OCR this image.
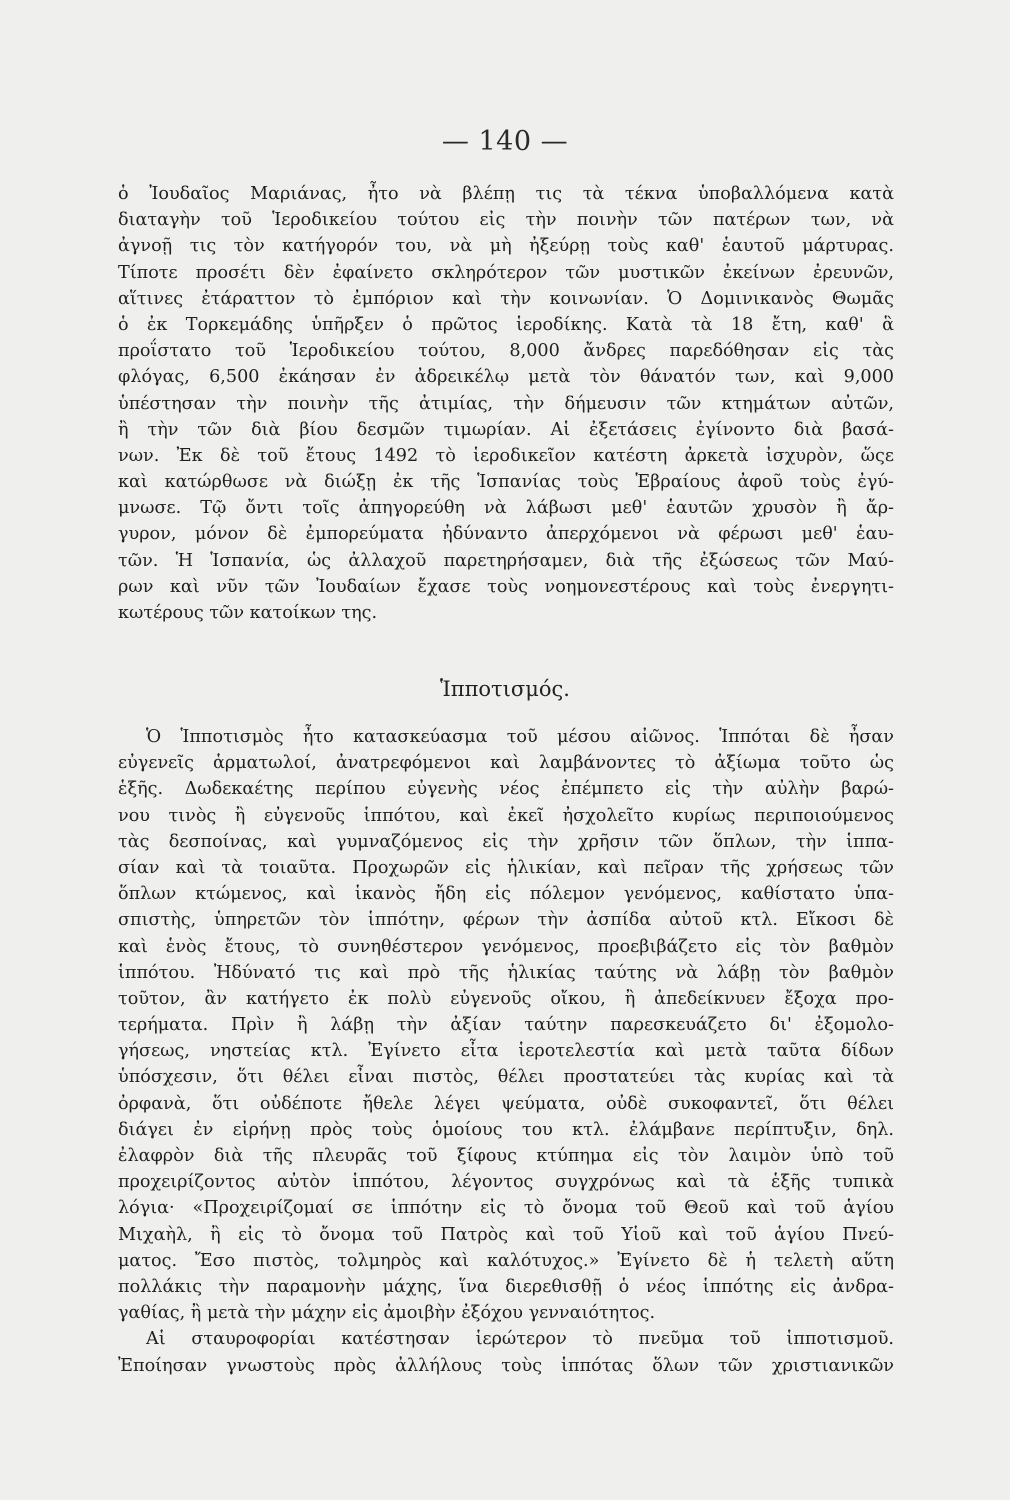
— 140 —
ὁ Ἰουδαῖος Μαριάνας, ἦτο νὰ βλέπῃ τις τὰ τέκνα ὑποβαλλόμενα κατὰ
διαταγὴν τοῦ Ἱεροδικείου τούτου εἰς τὴν ποινὴν τῶν πατέρων των, νὰ
ἀγνοῇ τις τὸν κατήγορόν του, νὰ μὴ ἠξεύρῃ τοὺς καθ' ἑαυτοῦ μάρτυρας.
Τίποτε προσέτι δὲν ἐφαίνετο σκληρότερον τῶν μυστικῶν ἐκείνων ἐρευνῶν,
αἵτινες ἐτάραττον τὸ ἐμπόριον καὶ τὴν κοινωνίαν. Ὁ Δομινικανὸς Θωμᾶς
ὁ ἐκ Τορκεμάδης ὑπῆρξεν ὁ πρῶτος ἱεροδίκης. Κατὰ τὰ 18 ἔτη, καθ' ἃ
προΐστατο τοῦ Ἱεροδικείου τούτου, 8,000 ἄνδρες παρεδόθησαν εἰς τὰς
φλόγας, 6,500 ἐκάησαν ἐν ἀδρεικέλῳ μετὰ τὸν θάνατόν των, καὶ 9,000
ὑπέστησαν τὴν ποινὴν τῆς ἀτιμίας, τὴν δήμευσιν τῶν κτημάτων αὐτῶν,
ἢ τὴν τῶν διὰ βίου δεσμῶν τιμωρίαν. Αἱ ἐξετάσεις ἐγίνοντο διὰ βασά-
νων. Ἐκ δὲ τοῦ ἔτους 1492 τὸ ἱεροδικεῖον κατέστη ἀρκετὰ ἰσχυρὸν, ὥςε
καὶ κατώρθωσε νὰ διώξῃ ἐκ τῆς Ἱσπανίας τοὺς Ἑβραίους ἀφοῦ τοὺς ἐγύ-
μνωσε. Τῷ ὄντι τοῖς ἀπηγορεύθη νὰ λάβωσι μεθ' ἑαυτῶν χρυσὸν ἢ ἄρ-
γυρον, μόνον δὲ ἐμπορεύματα ἠδύναντο ἀπερχόμενοι νὰ φέρωσι μεθ' ἑαυ-
τῶν. Ἡ Ἱσπανία, ὡς ἀλλαχοῦ παρετηρήσαμεν, διὰ τῆς ἐξώσεως τῶν Μαύ-
ρων καὶ νῦν τῶν Ἰουδαίων ἔχασε τοὺς νοημονεστέρους καὶ τοὺς ἐνεργητι-
κωτέρους τῶν κατοίκων της.
Ἱπποτισμός.
Ὁ Ἱπποτισμὸς ἦτο κατασκεύασμα τοῦ μέσου αἰῶνος. Ἱππόται δὲ ἦσαν
εὐγενεῖς ἁρματωλοί, ἀνατρεφόμενοι καὶ λαμβάνοντες τὸ ἀξίωμα τοῦτο ὡς
ἑξῆς. Δωδεκαέτης περίπου εὐγενὴς νέος ἐπέμπετο εἰς τὴν αὐλὴν βαρώ-
νου τινὸς ἢ εὐγενοῦς ἱππότου, καὶ ἐκεῖ ἠσχολεῖτο κυρίως περιποιούμενος
τὰς δεσποίνας, καὶ γυμναζόμενος εἰς τὴν χρῆσιν τῶν ὅπλων, τὴν ἱππα-
σίαν καὶ τὰ τοιαῦτα. Προχωρῶν εἰς ἡλικίαν, καὶ πεῖραν τῆς χρήσεως τῶν
ὅπλων κτώμενος, καὶ ἱκανὸς ἤδη εἰς πόλεμον γενόμενος, καθίστατο ὑπα-
σπιστὴς, ὑπηρετῶν τὸν ἱππότην, φέρων τὴν ἀσπίδα αὐτοῦ κτλ. Εἴκοσι δὲ
καὶ ἑνὸς ἔτους, τὸ συνηθέστερον γενόμενος, προεβιβάζετο εἰς τὸν βαθμὸν
ἱππότου. Ἠδύνατό τις καὶ πρὸ τῆς ἡλικίας ταύτης νὰ λάβῃ τὸν βαθμὸν
τοῦτον, ἂν κατήγετο ἐκ πολὺ εὐγενοῦς οἴκου, ἢ ἀπεδείκνυεν ἔξοχα προ-
τερήματα. Πρὶν ἢ λάβῃ τὴν ἀξίαν ταύτην παρεσκευάζετο δι' ἐξομολο-
γήσεως, νηστείας κτλ. Ἐγίνετο εἶτα ἱεροτελεστία καὶ μετὰ ταῦτα δίδων
ὑπόσχεσιν, ὅτι θέλει εἶναι πιστὸς, θέλει προστατεύει τὰς κυρίας καὶ τὰ
ὀρφανὰ, ὅτι οὐδέποτε ἤθελε λέγει ψεύματα, οὐδὲ συκοφαντεῖ, ὅτι θέλει
διάγει ἐν εἰρήνῃ πρὸς τοὺς ὁμοίους του κτλ. ἐλάμβανε περίπτυξιν, δηλ.
ἐλαφρὸν διὰ τῆς πλευρᾶς τοῦ ξίφους κτύπημα εἰς τὸν λαιμὸν ὑπὸ τοῦ
προχειρίζοντος αὐτὸν ἱππότου, λέγοντος συγχρόνως καὶ τὰ ἑξῆς τυπικὰ
λόγια· «Προχειρίζομαί σε ἱππότην εἰς τὸ ὄνομα τοῦ Θεοῦ καὶ τοῦ ἁγίου
Μιχαὴλ, ἢ εἰς τὸ ὄνομα τοῦ Πατρὸς καὶ τοῦ Υἱοῦ καὶ τοῦ ἁγίου Πνεύ-
ματος. Ἔσο πιστὸς, τολμηρὸς καὶ καλότυχος.» Ἐγίνετο δὲ ἡ τελετὴ αὕτη
πολλάκις τὴν παραμονὴν μάχης, ἵνα διερεθισθῇ ὁ νέος ἱππότης εἰς ἀνδρα-
γαθίας, ἢ μετὰ τὴν μάχην εἰς ἀμοιβὴν ἐξόχου γενναιότητος.
Αἱ σταυροφορίαι κατέστησαν ἱερώτερον τὸ πνεῦμα τοῦ ἱπποτισμοῦ.
Ἐποίησαν γνωστοὺς πρὸς ἀλλήλους τοὺς ἱππότας ὅλων τῶν χριστιανικῶν
